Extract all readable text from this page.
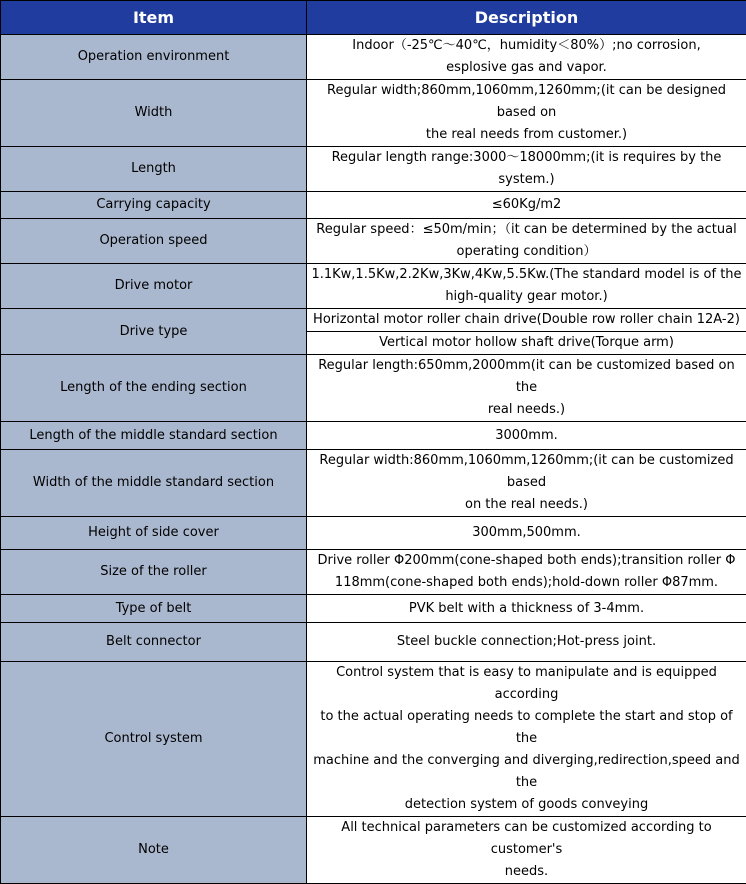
Item	Description
Operation environment	Indoor（-25℃～40℃，humidity＜80%）;no corrosion,
esplosive gas and vapor.
Width	Regular width;860mm,1060mm,1260mm;(it can be designed based on
the real needs from customer.)
Length	Regular length range:3000～18000mm;(it is requires by the system.)
Carrying capacity	≤60Kg/m2
Operation speed	Regular speed：≤50m/min；（it can be determined by the actual
operating condition）
Drive motor	1.1Kw,1.5Kw,2.2Kw,3Kw,4Kw,5.5Kw.(The standard model is of the
high-quality gear motor.)
Drive type	Horizontal motor roller chain drive(Double row roller chain 12A-2)
	Vertical motor hollow shaft drive(Torque arm)
Length of the ending section	Regular length:650mm,2000mm(it can be customized based on the
real needs.)
Length of the middle standard section	3000mm.
Width of the middle standard section	Regular width:860mm,1060mm,1260mm;(it can be customized based
on the real needs.)
Height of side cover	300mm,500mm.
Size of the roller	Drive roller Φ200mm(cone-shaped both ends);transition roller Φ
118mm(cone-shaped both ends);hold-down roller Φ87mm.
Type of belt	PVK belt with a thickness of 3-4mm.
Belt connector	Steel buckle connection;Hot-press joint.
Control system	Control system that is easy to manipulate and is equipped according
to the actual operating needs to complete the start and stop of the
machine and the converging and diverging,redirection,speed and the
detection system of goods conveying
Note	All technical parameters can be customized according to customer's
needs.
